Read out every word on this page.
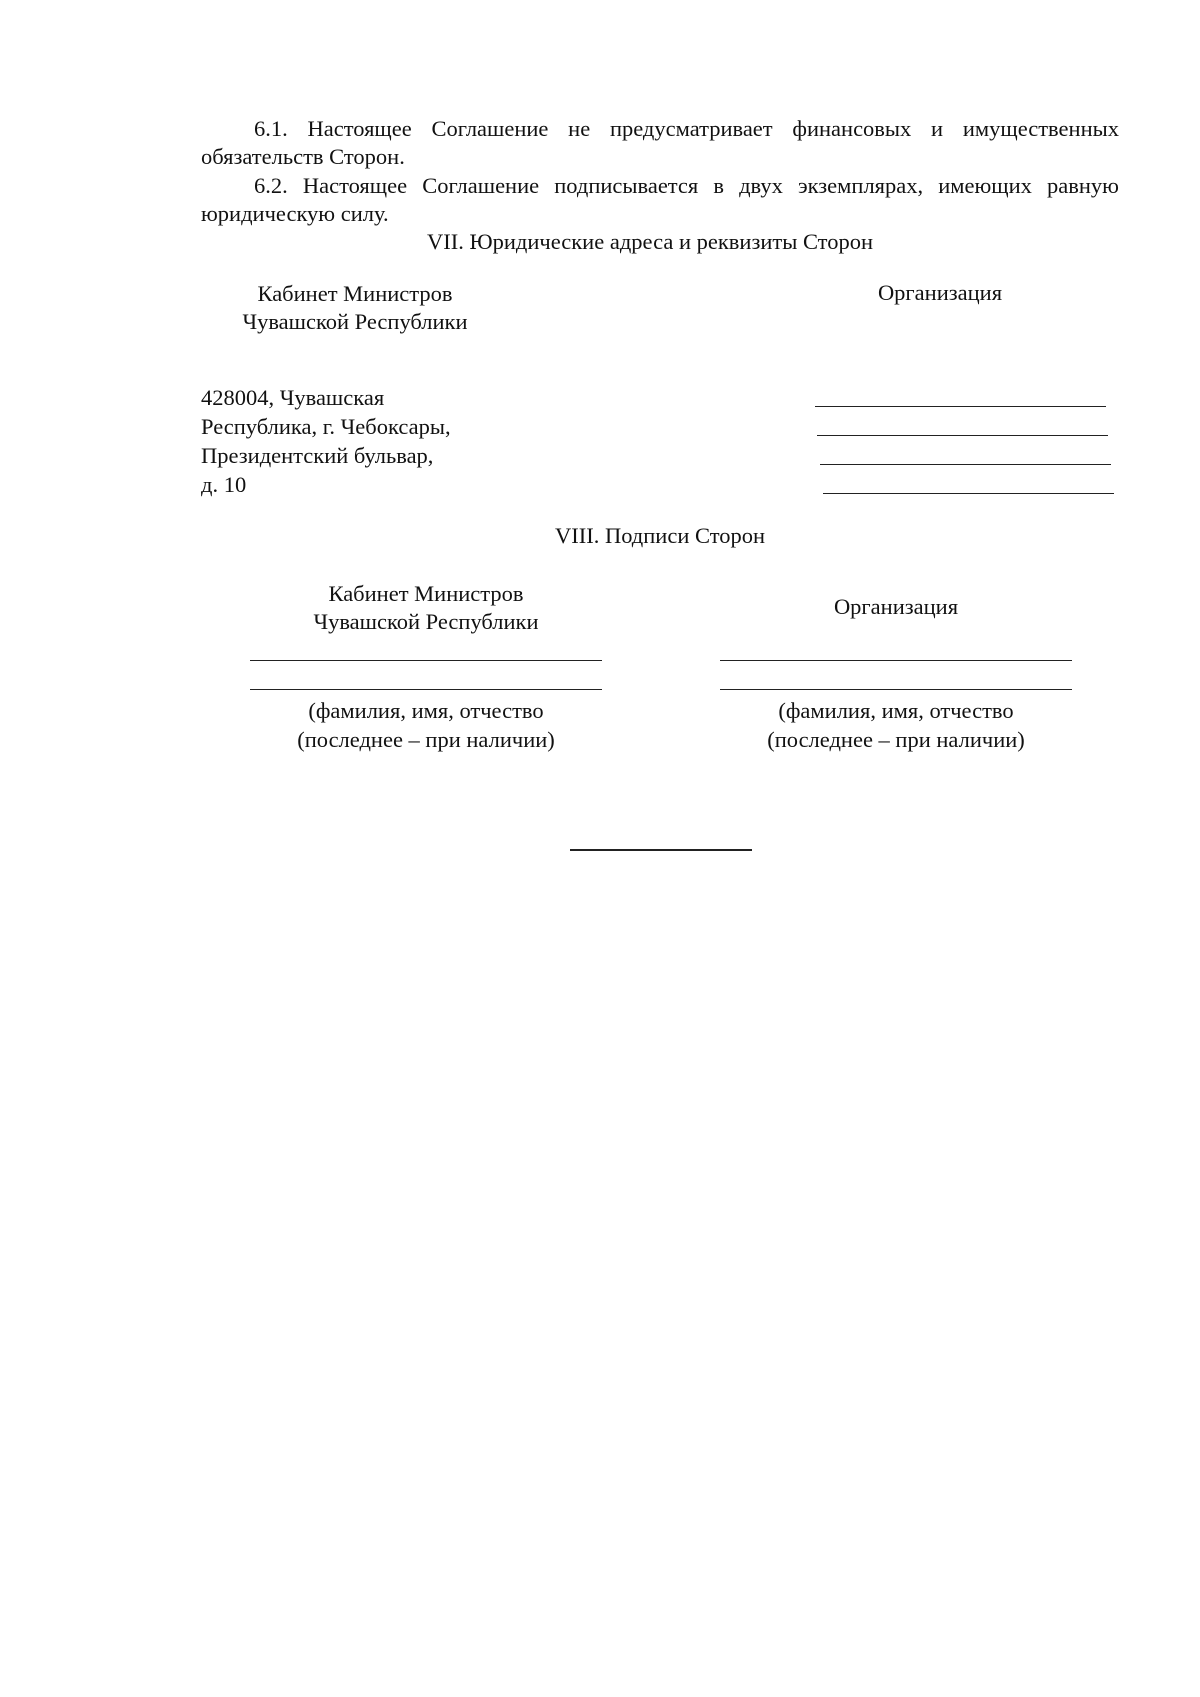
6.1. Настоящее Соглашение не предусматривает финансовых и имущественных обязательств Сторон.
6.2. Настоящее Соглашение подписывается в двух экземплярах, имеющих равную юридическую силу.
VII. Юридические адреса и реквизиты Сторон
Кабинет Министров
Чувашской Республики
Организация
428004, Чувашская
Республика, г. Чебоксары,
Президентский бульвар,
д. 10
VIII. Подписи Сторон
Кабинет Министров
Чувашской Республики
Организация
(фамилия, имя, отчество
(последнее – при наличии)
(фамилия, имя, отчество
(последнее – при наличии)
